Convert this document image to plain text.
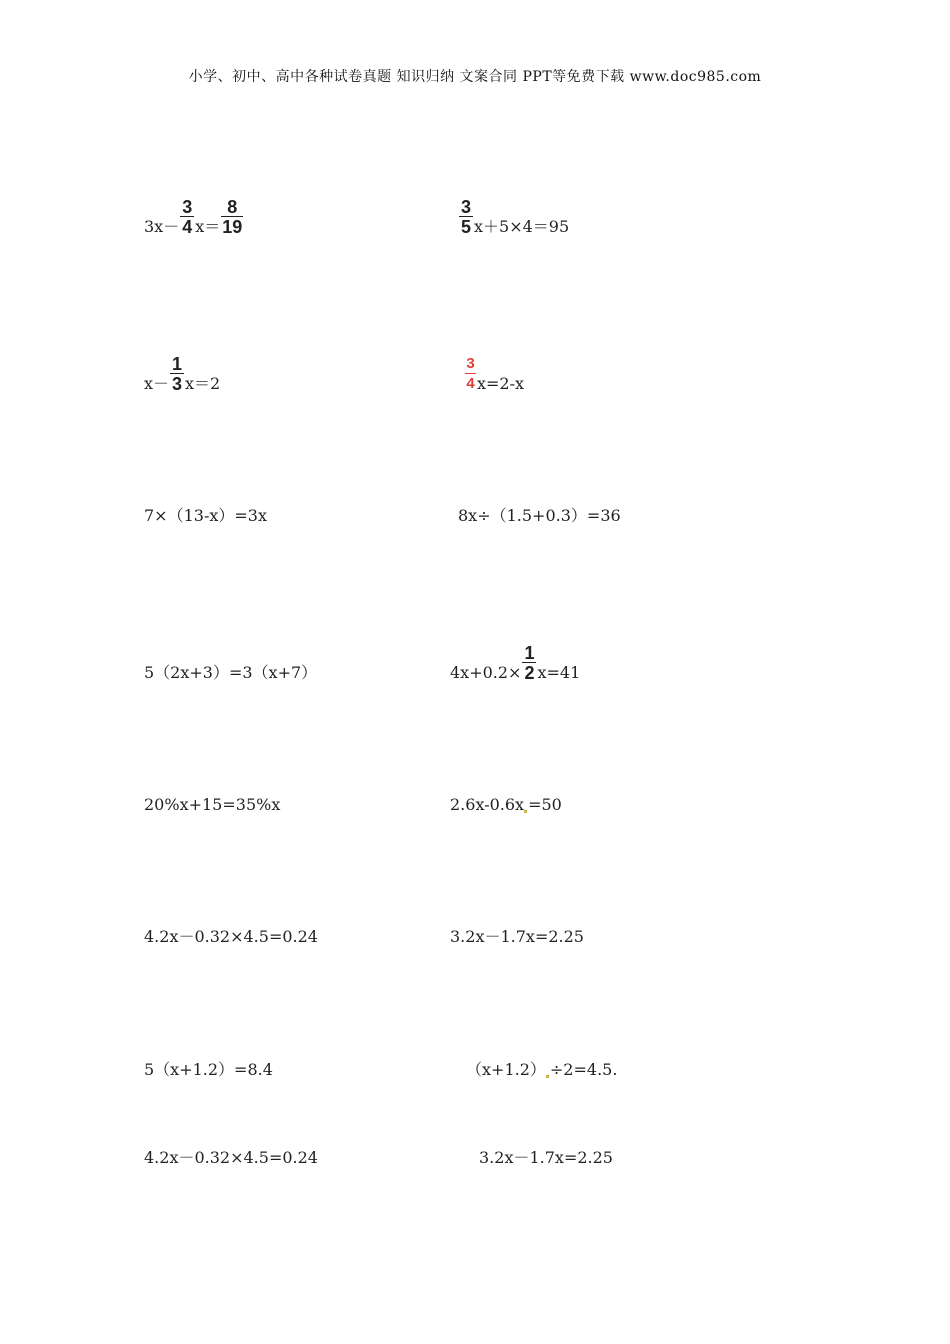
小学、初中、高中各种试卷真题 知识归纳 文案合同 PPT等免费下载 www.doc985.com
$3x- \frac{3}{4} x= \frac{8}{19}$	$\frac{3}{5} x+5\times 4=95$
$x- \frac{1}{3} x=2$	$\frac{3}{4} x=2-x$
7×（13-x）=3x	8x÷（1.5+0.3）=36
5（2x+3）=3（x+7）	$4x+0.2\times \frac{1}{2} x=41$
20%x+15=35%x	2.6x-0.6x =50
4.2x－0.32×4.5=0.24	3.2x－1.7x=2.25
5（x+1.2）=8.4	（x+1.2） ÷2=4.5.
4.2x－0.32×4.5=0.24	3.2x－1.7x=2.25
